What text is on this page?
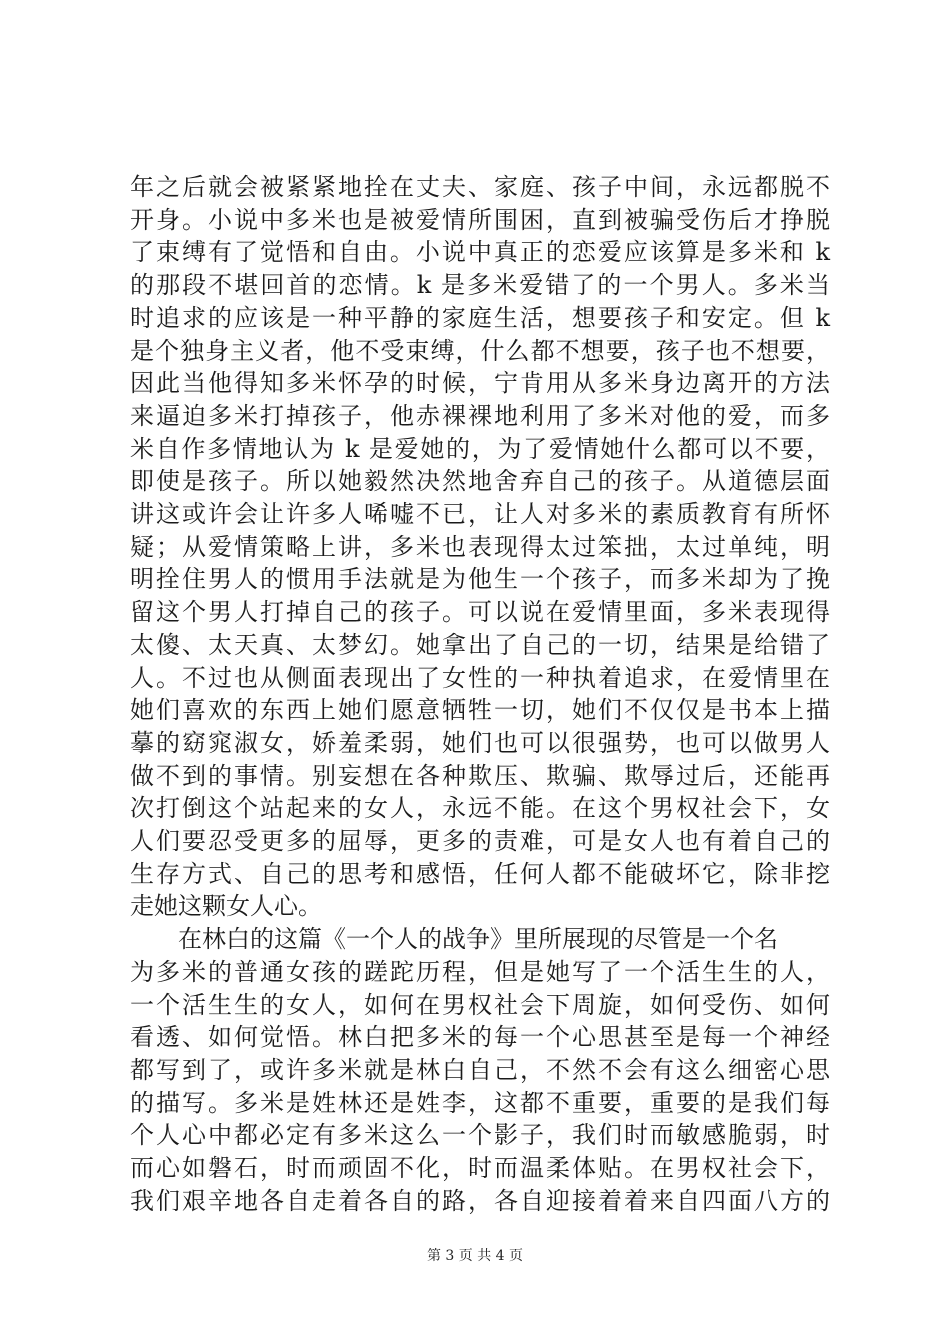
年之后就会被紧紧地拴在丈夫、家庭、孩子中间，永远都脱不
开身。小说中多米也是被爱情所围困，直到被骗受伤后才挣脱
了束缚有了觉悟和自由。小说中真正的恋爱应该算是多米和 k
的那段不堪回首的恋情。k 是多米爱错了的一个男人。多米当
时追求的应该是一种平静的家庭生活，想要孩子和安定。但 k
是个独身主义者，他不受束缚，什么都不想要，孩子也不想要，
因此当他得知多米怀孕的时候，宁肯用从多米身边离开的方法
来逼迫多米打掉孩子，他赤裸裸地利用了多米对他的爱，而多
米自作多情地认为 k 是爱她的，为了爱情她什么都可以不要，
即使是孩子。所以她毅然决然地舍弃自己的孩子。从道德层面
讲这或许会让许多人唏嘘不已，让人对多米的素质教育有所怀
疑；从爱情策略上讲，多米也表现得太过笨拙，太过单纯，明
明拴住男人的惯用手法就是为他生一个孩子，而多米却为了挽
留这个男人打掉自己的孩子。可以说在爱情里面，多米表现得
太傻、太天真、太梦幻。她拿出了自己的一切，结果是给错了
人。不过也从侧面表现出了女性的一种执着追求，在爱情里在
她们喜欢的东西上她们愿意牺牲一切，她们不仅仅是书本上描
摹的窈窕淑女，娇羞柔弱，她们也可以很强势，也可以做男人
做不到的事情。别妄想在各种欺压、欺骗、欺辱过后，还能再
次打倒这个站起来的女人，永远不能。在这个男权社会下，女
人们要忍受更多的屈辱，更多的责难，可是女人也有着自己的
生存方式、自己的思考和感悟，任何人都不能破坏它，除非挖
走她这颗女人心。
在林白的这篇《一个人的战争》里所展现的尽管是一个名
为多米的普通女孩的蹉跎历程，但是她写了一个活生生的人，
一个活生生的女人，如何在男权社会下周旋，如何受伤、如何
看透、如何觉悟。林白把多米的每一个心思甚至是每一个神经
都写到了，或许多米就是林白自己，不然不会有这么细密心思
的描写。多米是姓林还是姓李，这都不重要，重要的是我们每
个人心中都必定有多米这么一个影子，我们时而敏感脆弱，时
而心如磐石，时而顽固不化，时而温柔体贴。在男权社会下，
我们艰辛地各自走着各自的路，各自迎接着着来自四面八方的
第 3 页 共 4 页
